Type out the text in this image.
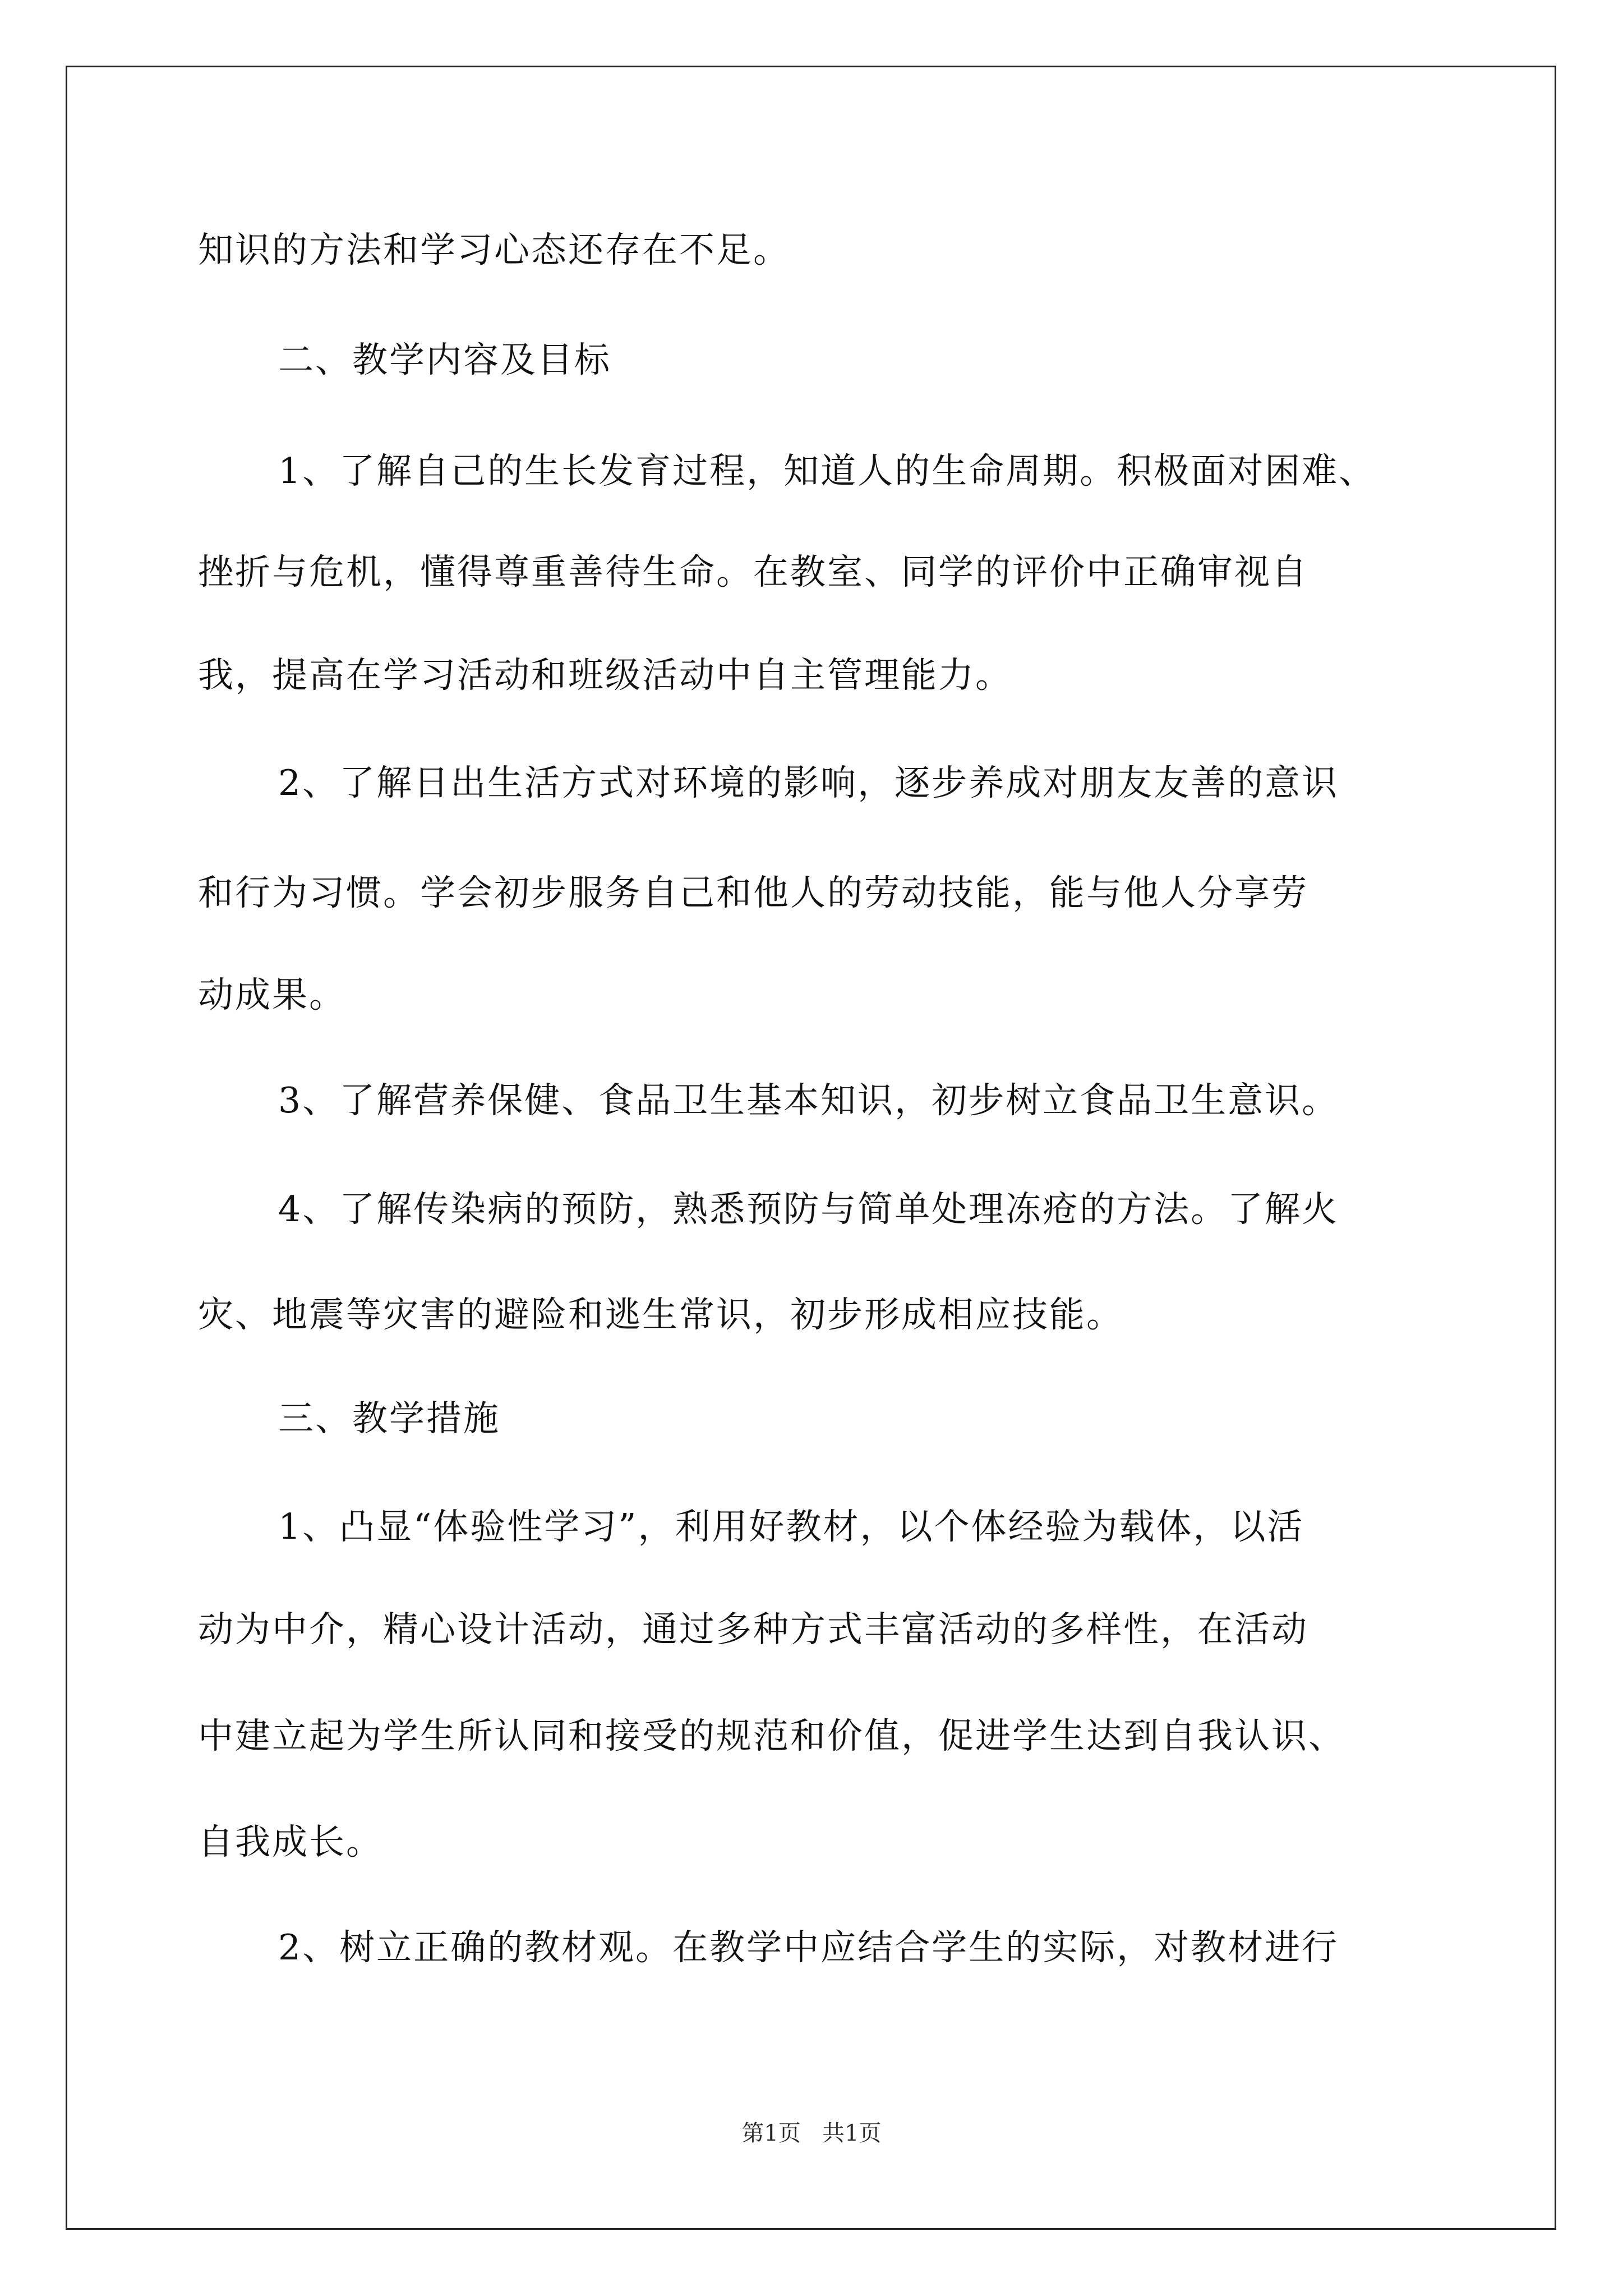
知识的方法和学习心态还存在不足。
二、教学内容及目标
1、了解自己的生长发育过程，知道人的生命周期。积极面对困难、
挫折与危机，懂得尊重善待生命。在教室、同学的评价中正确审视自
我，提高在学习活动和班级活动中自主管理能力。
2、了解日出生活方式对环境的影响，逐步养成对朋友友善的意识
和行为习惯。学会初步服务自己和他人的劳动技能，能与他人分享劳
动成果。
3、了解营养保健、食品卫生基本知识，初步树立食品卫生意识。
4、了解传染病的预防，熟悉预防与简单处理冻疮的方法。了解火
灾、地震等灾害的避险和逃生常识，初步形成相应技能。
三、教学措施
1、凸显“体验性学习”，利用好教材，以个体经验为载体，以活
动为中介，精心设计活动，通过多种方式丰富活动的多样性，在活动
中建立起为学生所认同和接受的规范和价值，促进学生达到自我认识、
自我成长。
2、树立正确的教材观。在教学中应结合学生的实际，对教材进行
第1页   共1页
